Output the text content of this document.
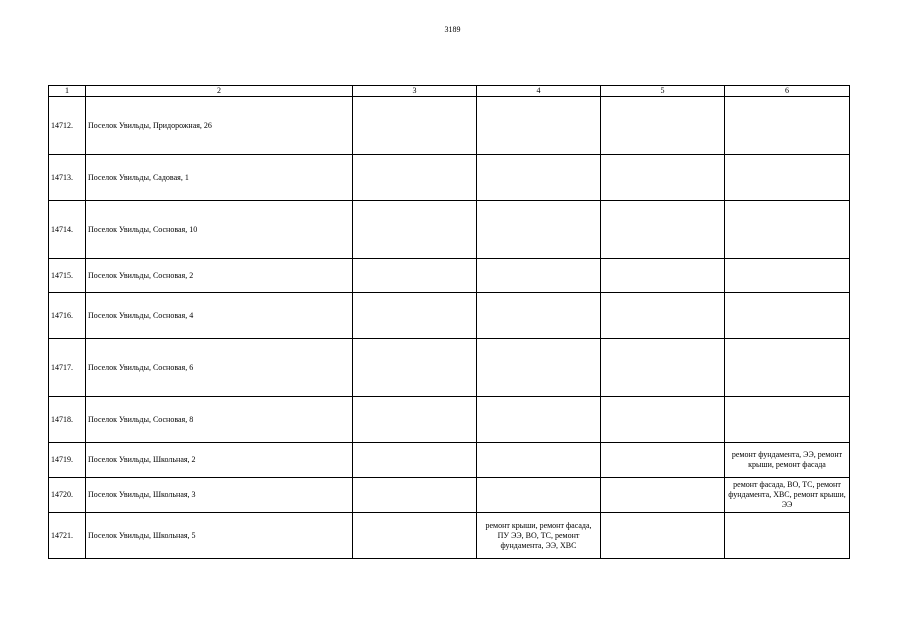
3189
1	2	3	4	5	6
14712.	Поселок Увильды, Придорожная, 26				
14713.	Поселок Увильды, Садовая, 1				
14714.	Поселок Увильды, Сосновая, 10				
14715.	Поселок Увильды, Сосновая, 2				
14716.	Поселок Увильды, Сосновая, 4				
14717.	Поселок Увильды, Сосновая, 6				
14718.	Поселок Увильды, Сосновая, 8				
14719.	Поселок Увильды, Школьная, 2				ремонт фундамента, ЭЭ, ремонт крыши, ремонт фасада
14720.	Поселок Увильды, Школьная, 3				ремонт фасада, ВО, ТС, ремонт фундамента, ХВС, ремонт крыши, ЭЭ
14721.	Поселок Увильды, Школьная, 5		ремонт крыши, ремонт фасада, ПУ ЭЭ, ВО, ТС, ремонт фундамента, ЭЭ, ХВС		
